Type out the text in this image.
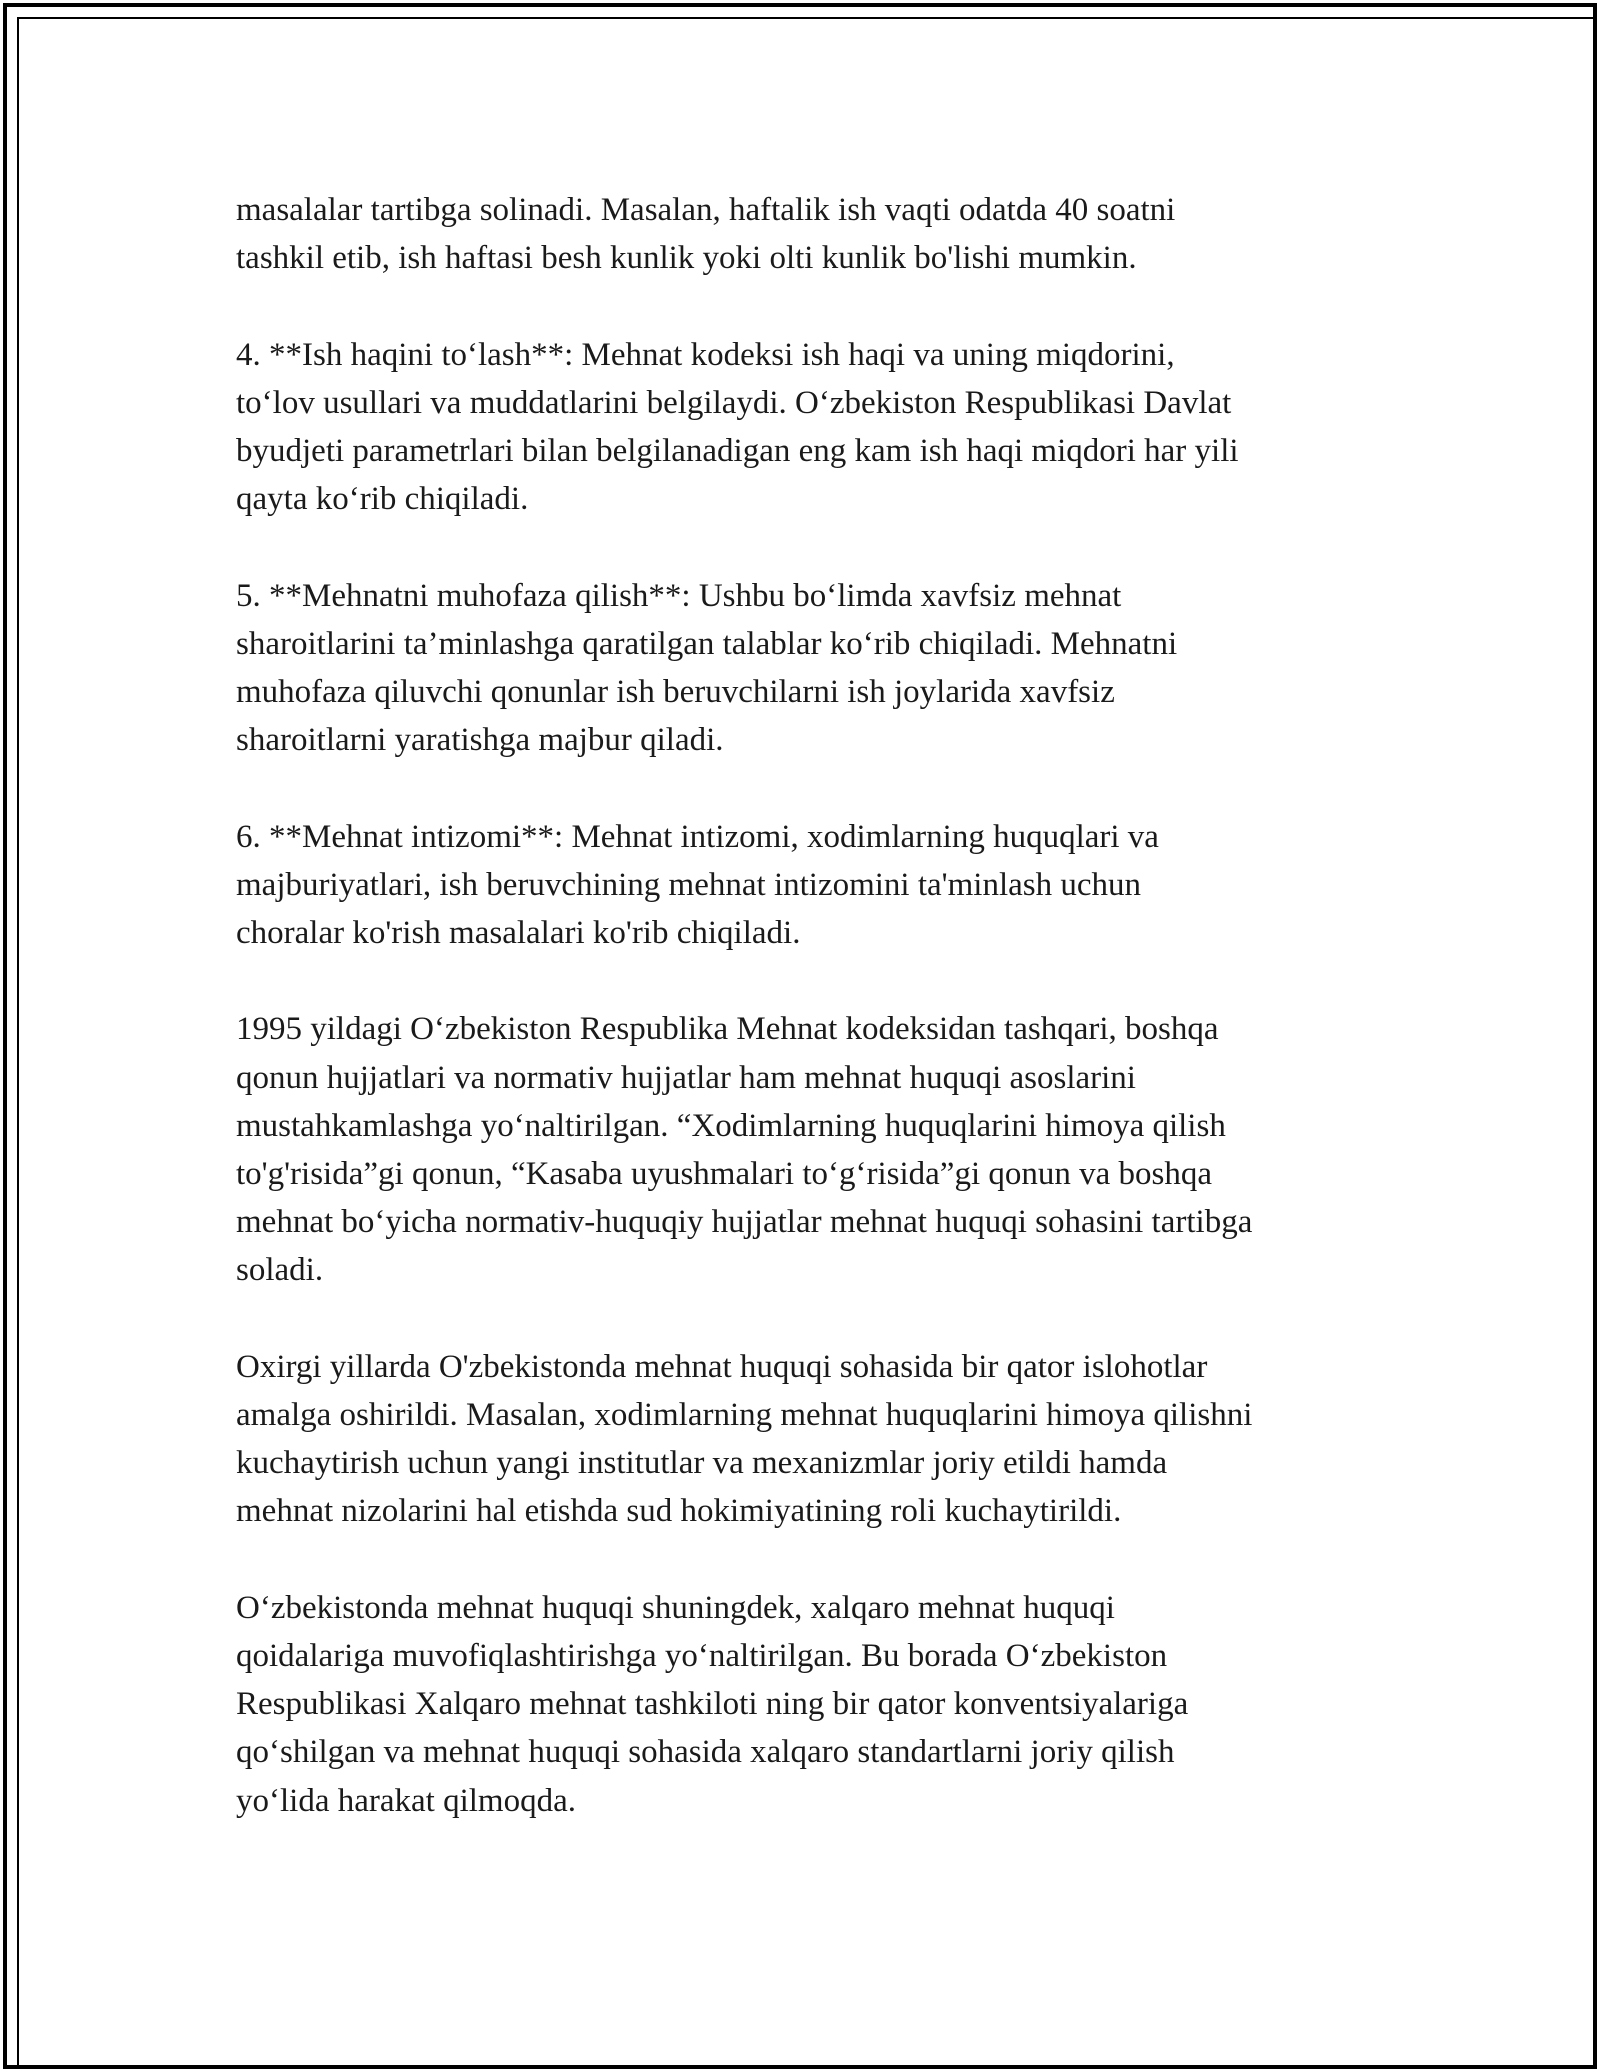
masalalar tartibga solinadi. Masalan, haftalik ish vaqti odatda 40 soatni
tashkil etib, ish haftasi besh kunlik yoki olti kunlik bo'lishi mumkin.

4. **Ish haqini to‘lash**: Mehnat kodeksi ish haqi va uning miqdorini,
to‘lov usullari va muddatlarini belgilaydi. O‘zbekiston Respublikasi Davlat
byudjeti parametrlari bilan belgilanadigan eng kam ish haqi miqdori har yili
qayta ko‘rib chiqiladi.

5. **Mehnatni muhofaza qilish**: Ushbu bo‘limda xavfsiz mehnat
sharoitlarini ta’minlashga qaratilgan talablar ko‘rib chiqiladi. Mehnatni
muhofaza qiluvchi qonunlar ish beruvchilarni ish joylarida xavfsiz
sharoitlarni yaratishga majbur qiladi.

6. **Mehnat intizomi**: Mehnat intizomi, xodimlarning huquqlari va
majburiyatlari, ish beruvchining mehnat intizomini ta'minlash uchun
choralar ko'rish masalalari ko'rib chiqiladi.

1995 yildagi O‘zbekiston Respublika Mehnat kodeksidan tashqari, boshqa
qonun hujjatlari va normativ hujjatlar ham mehnat huquqi asoslarini
mustahkamlashga yo‘naltirilgan. “Xodimlarning huquqlarini himoya qilish
to'g'risida”gi qonun, “Kasaba uyushmalari to‘g‘risida”gi qonun va boshqa
mehnat bo‘yicha normativ-huquqiy hujjatlar mehnat huquqi sohasini tartibga
soladi.

Oxirgi yillarda O'zbekistonda mehnat huquqi sohasida bir qator islohotlar
amalga oshirildi. Masalan, xodimlarning mehnat huquqlarini himoya qilishni
kuchaytirish uchun yangi institutlar va mexanizmlar joriy etildi hamda
mehnat nizolarini hal etishda sud hokimiyatining roli kuchaytirildi.

O‘zbekistonda mehnat huquqi shuningdek, xalqaro mehnat huquqi
qoidalariga muvofiqlashtirishga yo‘naltirilgan. Bu borada O‘zbekiston
Respublikasi Xalqaro mehnat tashkiloti ning bir qator konventsiyalariga
qo‘shilgan va mehnat huquqi sohasida xalqaro standartlarni joriy qilish
yo‘lida harakat qilmoqda.
